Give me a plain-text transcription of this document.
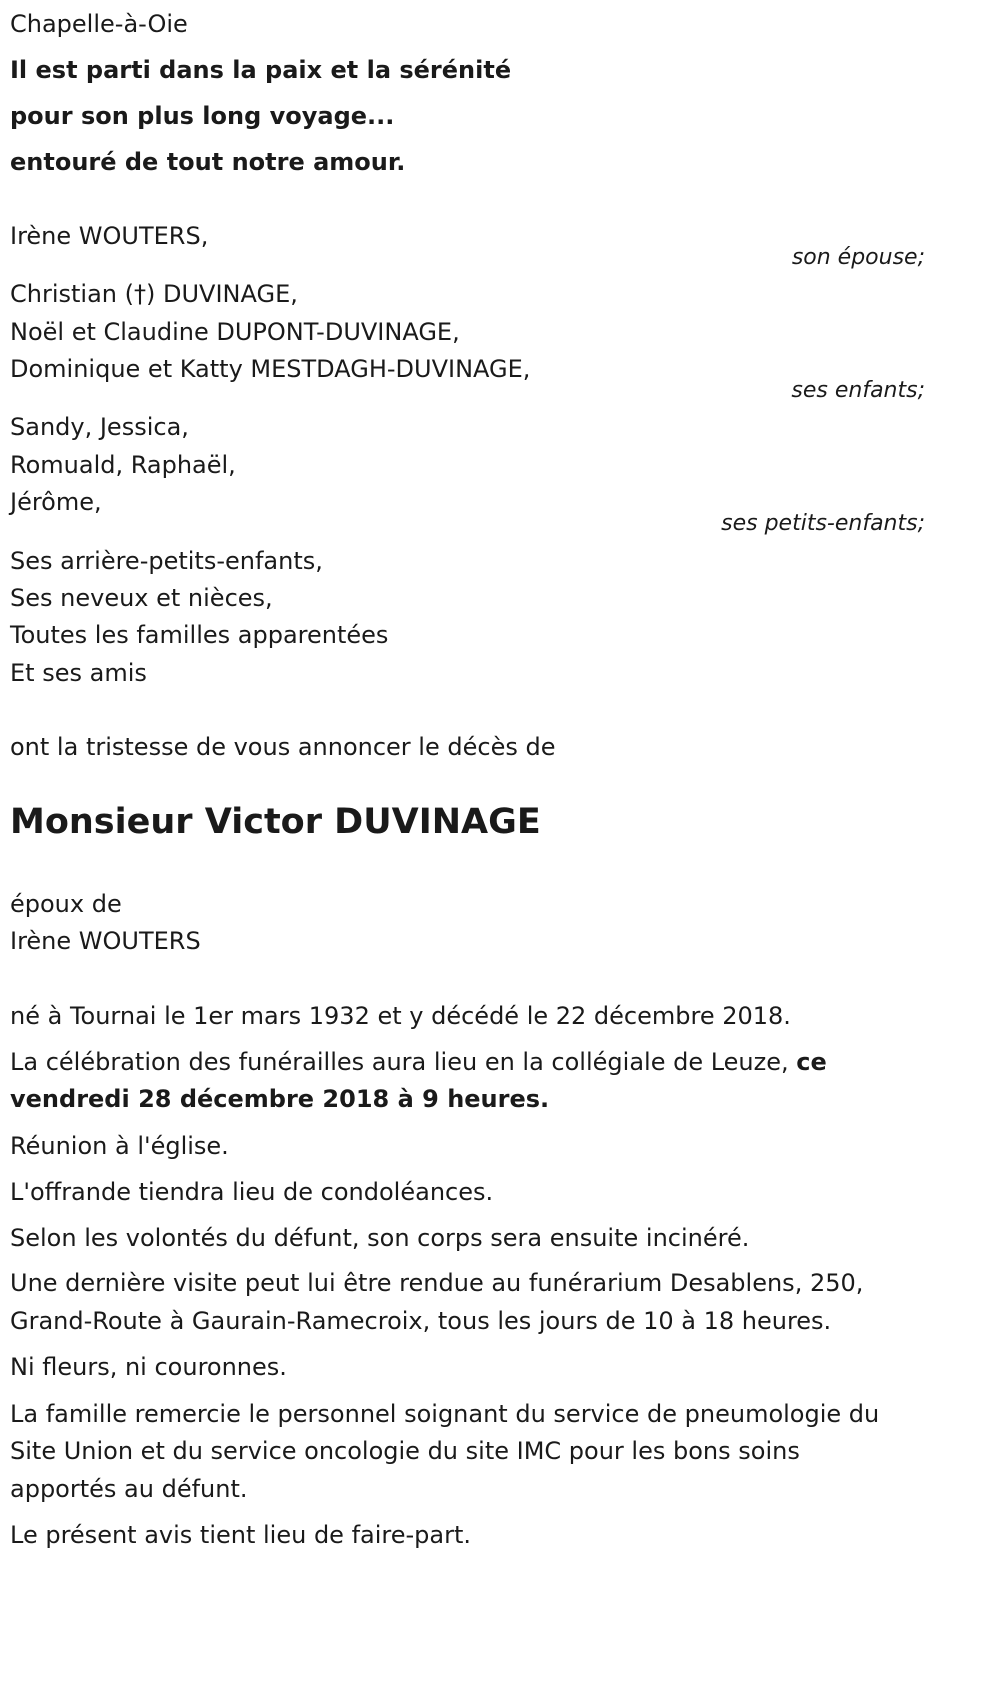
Chapelle-à-Oie
Il est parti dans la paix et la sérénité
pour son plus long voyage...
entouré de tout notre amour.
Irène WOUTERS,
son épouse;
Christian (†) DUVINAGE,
Noël et Claudine DUPONT-DUVINAGE,
Dominique et Katty MESTDAGH-DUVINAGE,
ses enfants;
Sandy, Jessica,
Romuald, Raphaël,
Jérôme,
ses petits-enfants;
Ses arrière-petits-enfants,
Ses neveux et nièces,
Toutes les familles apparentées
Et ses amis
ont la tristesse de vous annoncer le décès de
Monsieur Victor DUVINAGE
époux de
Irène WOUTERS
né à Tournai le 1er mars 1932 et y décédé le 22 décembre 2018.
La célébration des funérailles aura lieu en la collégiale de Leuze, ce
vendredi 28 décembre 2018 à 9 heures.
Réunion à l'église.
L'offrande tiendra lieu de condoléances.
Selon les volontés du défunt, son corps sera ensuite incinéré.
Une dernière visite peut lui être rendue au funérarium Desablens, 250,
Grand-Route à Gaurain-Ramecroix, tous les jours de 10 à 18 heures.
Ni fleurs, ni couronnes.
La famille remercie le personnel soignant du service de pneumologie du
Site Union et du service oncologie du site IMC pour les bons soins
apportés au défunt.
Le présent avis tient lieu de faire-part.
